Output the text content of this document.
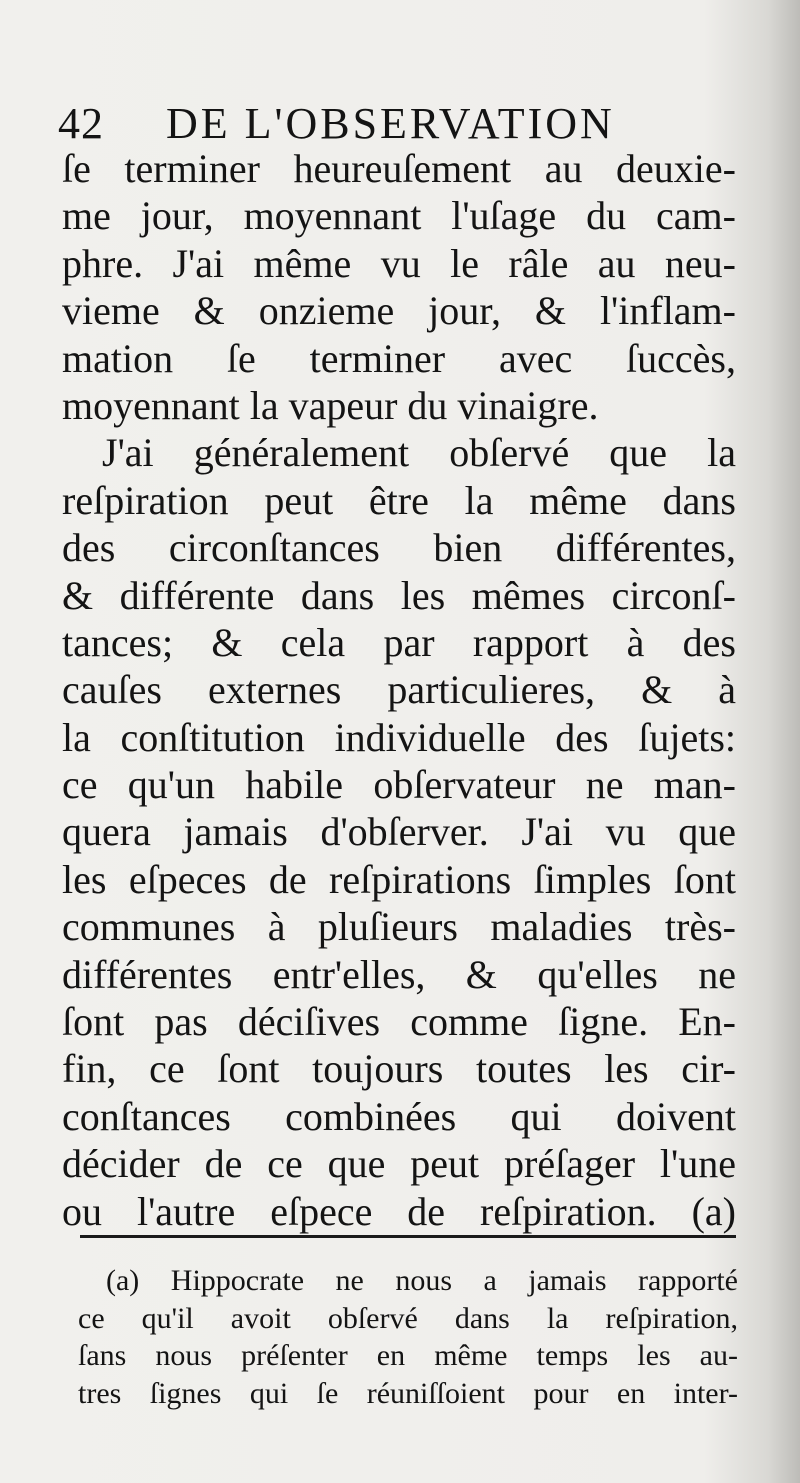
42 DE L'OBSERVATION
ſe terminer heureuſement au deuxie-
me jour, moyennant l'uſage du cam-
phre. J'ai même vu le râle au neu-
vieme & onzieme jour, & l'inflam-
mation ſe terminer avec ſuccès,
moyennant la vapeur du vinaigre.
J'ai généralement obſervé que la
reſpiration peut être la même dans
des circonſtances bien différentes,
& différente dans les mêmes circonſ-
tances; & cela par rapport à des
cauſes externes particulieres, & à
la conſtitution individuelle des ſujets:
ce qu'un habile obſervateur ne man-
quera jamais d'obſerver. J'ai vu que
les eſpeces de reſpirations ſimples ſont
communes à pluſieurs maladies très-
différentes entr'elles, & qu'elles ne
ſont pas déciſives comme ſigne. En-
fin, ce ſont toujours toutes les cir-
conſtances combinées qui doivent
décider de ce que peut préſager l'une
ou l'autre eſpece de reſpiration. (a)
(a) Hippocrate ne nous a jamais rapporté
ce qu'il avoit obſervé dans la reſpiration,
ſans nous préſenter en même temps les au-
tres ſignes qui ſe réuniſſoient pour en inter-
